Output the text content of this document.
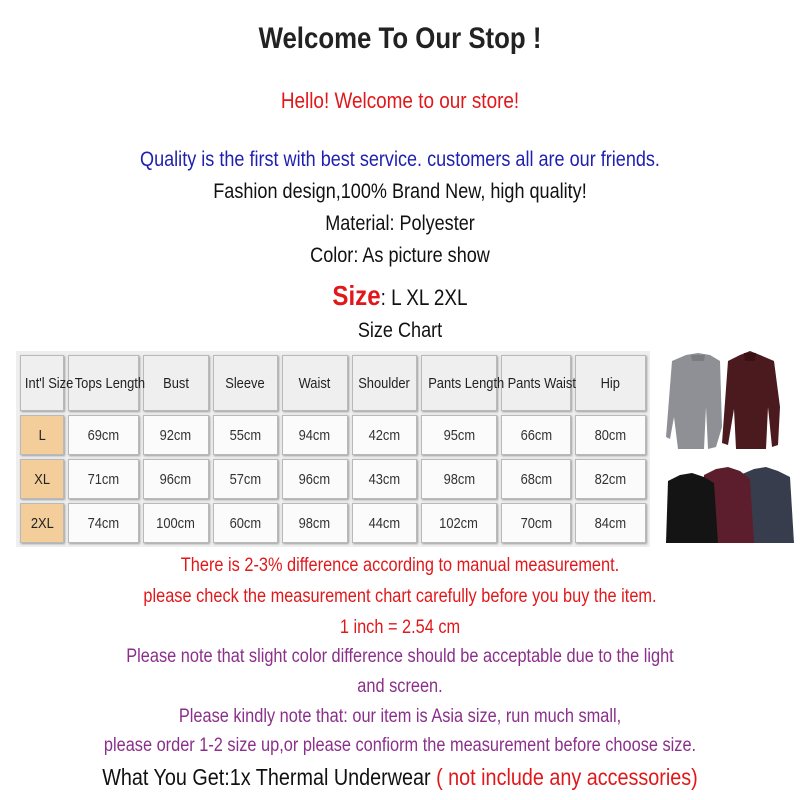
Welcome To Our Stop !
Hello! Welcome to our store!
Quality is the first with best service. customers all are our friends.
Fashion design,100% Brand New, high quality!
Material: Polyester
Color: As picture show
Size: L XL 2XL
Size Chart
Int'l Size	Tops Length	Bust	Sleeve	Waist	Shoulder	Pants Length	Pants Waist	Hip
L	69cm	92cm	55cm	94cm	42cm	95cm	66cm	80cm
XL	71cm	96cm	57cm	96cm	43cm	98cm	68cm	82cm
2XL	74cm	100cm	60cm	98cm	44cm	102cm	70cm	84cm
There is 2-3% difference according to manual measurement.
please check the measurement chart carefully before you buy the item.
1 inch = 2.54 cm
Please note that slight color difference should be acceptable due to the light
and screen.
Please kindly note that: our item is Asia size, run much small,
please order 1-2 size up,or please confiorm the measurement before choose size.
What You Get:1x Thermal Underwear ( not include any accessories)
